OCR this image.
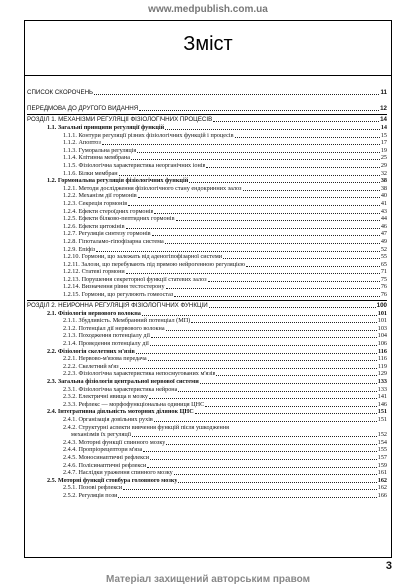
www.medpublish.com.ua
Зміст
СПИСОК СКОРОЧЕНЬ	11
ПЕРЕДМОВА ДО ДРУГОГО ВИДАННЯ	12
РОЗДІЛ 1. МЕХАНІЗМИ РЕГУЛЯЦІЇ ФІЗІОЛОГІЧНИХ ПРОЦЕСІВ	14
1.1. Загальні принципи регуляції функцій	14
1.1.1. Контури регуляції різних фізіологічних функцій і процесів	15
1.1.2. Апоптоз	17
1.1.3. Гуморальна регуляція	19
1.1.4. Клітинна мембрана	25
1.1.5. Фізіологічна характеристика неорганічних іонів	29
1.1.6. Білки мембран	32
1.2. Гормональна регуляція фізіологічних функцій	38
1.2.1. Методи дослідження фізіологічного стану ендокринних залоз	38
1.2.2. Механізм дії гормонів	40
1.2.3. Секреція гормонів	41
1.2.4. Ефекти стероїдних гормонів	43
1.2.5. Ефекти білково-пептидних гормонів	44
1.2.6. Ефекти цитокінів	46
1.2.7. Регуляція синтезу гормонів	47
1.2.8. Гіпоталамо-гіпофізарна система	49
1.2.9. Епіфіз	52
1.2.10. Гормони, що залежать від аденогіпофізарної системи	55
1.2.11. Залози, що перебувають під прямою нейрогенною регуляцією	65
1.2.12. Статеві гормони	71
1.2.13. Порушення секреторної функції статевих залоз	75
1.2.14. Визначення рівня тестостерону	76
1.2.15. Гормони, що регулюють гомеостаз	76
РОЗДІЛ 2. НЕЙРОННА РЕГУЛЯЦІЯ ФІЗІОЛОГІЧНИХ ФУНКЦІЙ	100
2.1. Фізіологія нервового волокна	101
2.1.1. Збудливість. Мембранний потенціал (МП)	101
2.1.2. Потенціал дії нервового волокна	103
2.1.3. Походження потенціалу дії	104
2.1.4. Проведення потенціалу дії	106
2.2. Фізіологія скелетних м'язів	116
2.2.1. Нервово-м'язова передача	116
2.2.2. Скелетний м'яз	119
2.2.3. Фізіологічна характеристика непосмугованих м'язів	129
2.3. Загальна фізіологія центральної нервової системи	133
2.3.1. Фізіологічна характеристика нейрона	133
2.3.2. Електричні явища в мозку	141
2.3.3. Рефлекс — морфофункціональна одиниця ЦНС	146
2.4. Інтегративна діяльність моторних ділянок ЦНС	151
2.4.1. Організація довільних рухів	151
2.4.2. Структурні аспекти вивчення функцій після ушкодження
механізмів їх регуляції	152
2.4.3. Моторні функції спинного мозку	154
2.4.4. Пропріорецептори м'яза	155
2.4.5. Моносинаптичні рефлекси	157
2.4.6. Полісинаптичні рефлекси	159
2.4.7. Наслідки ураження спинного мозку	161
2.5. Моторні функції стовбура головного мозку	162
2.5.1. Позові рефлекси	162
2.5.2. Регуляція пози	166
3
Матеріал захищений авторським правом
